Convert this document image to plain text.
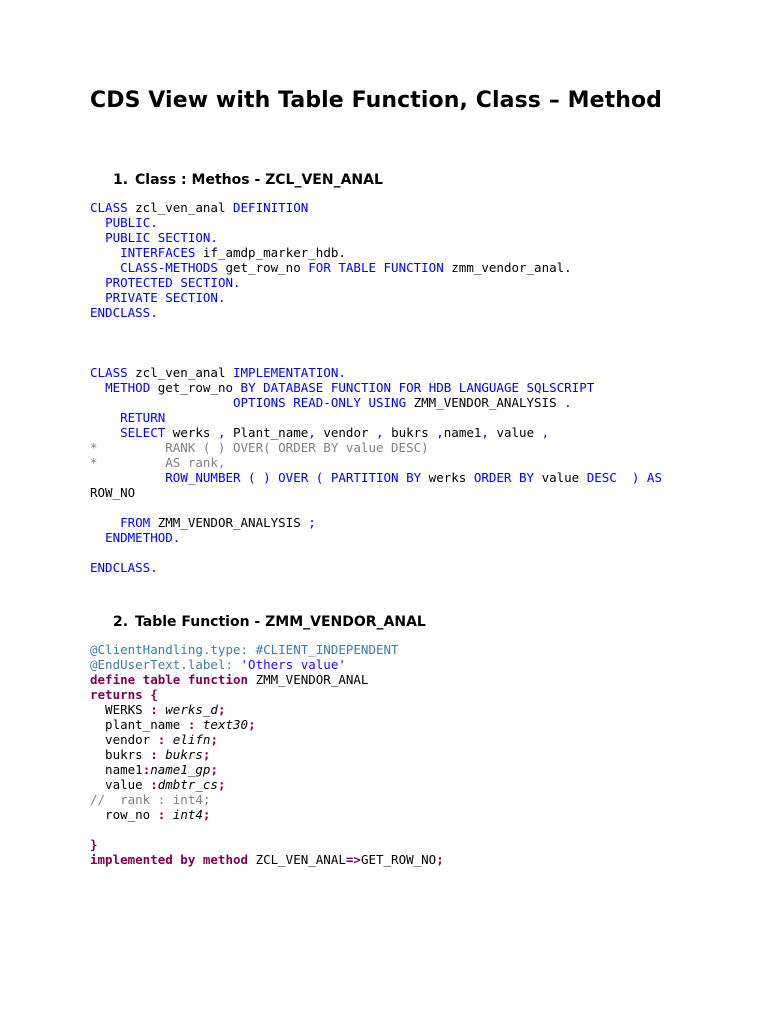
CDS View with Table Function, Class – Method
1. Class : Methos - ZCL_VEN_ANAL
CLASS zcl_ven_anal DEFINITION
PUBLIC.
PUBLIC SECTION.
INTERFACES if_amdp_marker_hdb.
CLASS-METHODS get_row_no FOR TABLE FUNCTION zmm_vendor_anal.
PROTECTED SECTION.
PRIVATE SECTION.
ENDCLASS.
CLASS zcl_ven_anal IMPLEMENTATION.
METHOD get_row_no BY DATABASE FUNCTION FOR HDB LANGUAGE SQLSCRIPT
OPTIONS READ-ONLY USING ZMM_VENDOR_ANALYSIS .
RETURN
SELECT werks , Plant_name, vendor , bukrs ,name1, value ,
*         RANK ( ) OVER( ORDER BY value DESC)
*         AS rank,
ROW_NUMBER ( ) OVER ( PARTITION BY werks ORDER BY value DESC  ) AS
ROW_NO
FROM ZMM_VENDOR_ANALYSIS ;
ENDMETHOD.
ENDCLASS.
2. Table Function - ZMM_VENDOR_ANAL
@ClientHandling.type: #CLIENT_INDEPENDENT
@EndUserText.label: 'Others value'
define table function ZMM_VENDOR_ANAL
returns {
WERKS : werks_d;
plant_name : text30;
vendor : elifn;
bukrs : bukrs;
name1:name1_gp;
value :dmbtr_cs;
//  rank : int4;
row_no : int4;
}
implemented by method ZCL_VEN_ANAL=>GET_ROW_NO;
